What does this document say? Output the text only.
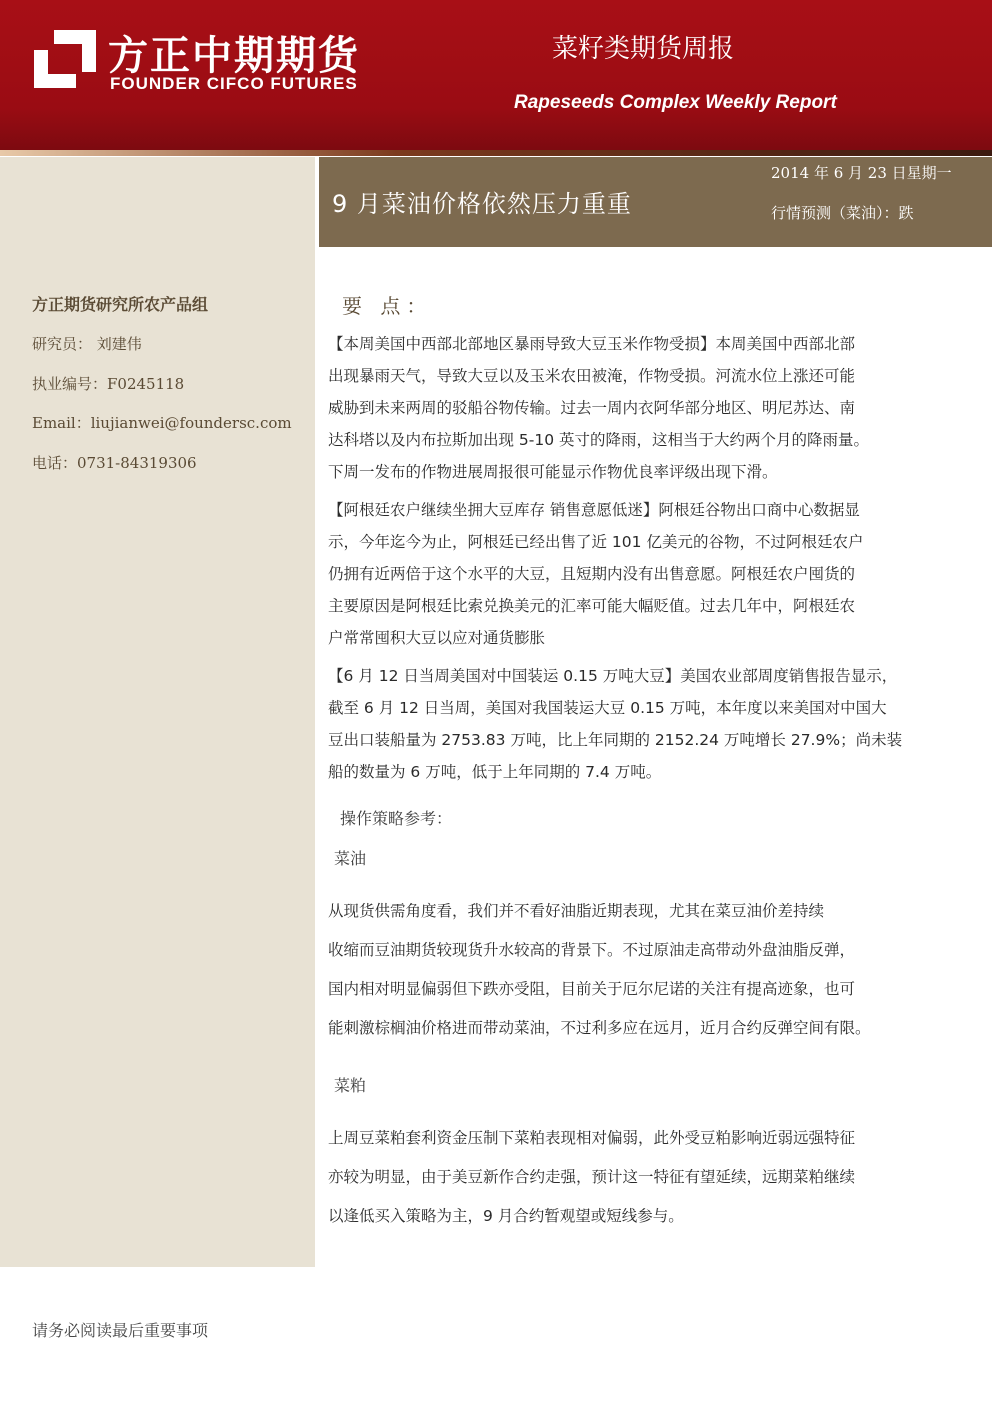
方正中期期货
FOUNDER CIFCO FUTURES
菜籽类期货周报
Rapeseeds Complex Weekly Report
方正期货研究所农产品组
研究员： 刘建伟
执业编号：F0245118
Email：liujianwei@foundersc.com
电话：0731-84319306
9 月菜油价格依然压力重重
2014 年 6 月 23 日星期一
行情预测（菜油）：跌
要 点：
【本周美国中西部北部地区暴雨导致大豆玉米作物受损】本周美国中西部北部
出现暴雨天气，导致大豆以及玉米农田被淹，作物受损。河流水位上涨还可能
威胁到未来两周的驳船谷物传输。过去一周内衣阿华部分地区、明尼苏达、南
达科塔以及内布拉斯加出现 5-10 英寸的降雨，这相当于大约两个月的降雨量。
下周一发布的作物进展周报很可能显示作物优良率评级出现下滑。
【阿根廷农户继续坐拥大豆库存 销售意愿低迷】阿根廷谷物出口商中心数据显
示，今年迄今为止，阿根廷已经出售了近 101 亿美元的谷物，不过阿根廷农户
仍拥有近两倍于这个水平的大豆，且短期内没有出售意愿。阿根廷农户囤货的
主要原因是阿根廷比索兑换美元的汇率可能大幅贬值。过去几年中，阿根廷农
户常常囤积大豆以应对通货膨胀
【6 月 12 日当周美国对中国装运 0.15 万吨大豆】美国农业部周度销售报告显示，
截至 6 月 12 日当周，美国对我国装运大豆 0.15 万吨，本年度以来美国对中国大
豆出口装船量为 2753.83 万吨，比上年同期的 2152.24 万吨增长 27.9%；尚未装
船的数量为 6 万吨，低于上年同期的 7.4 万吨。
操作策略参考：
菜油
从现货供需角度看，我们并不看好油脂近期表现，尤其在菜豆油价差持续
收缩而豆油期货较现货升水较高的背景下。不过原油走高带动外盘油脂反弹，
国内相对明显偏弱但下跌亦受阻，目前关于厄尔尼诺的关注有提高迹象，也可
能刺激棕榈油价格进而带动菜油，不过利多应在远月，近月合约反弹空间有限。
菜粕
上周豆菜粕套利资金压制下菜粕表现相对偏弱，此外受豆粕影响近弱远强特征
亦较为明显，由于美豆新作合约走强，预计这一特征有望延续，远期菜粕继续
以逢低买入策略为主，9 月合约暂观望或短线参与。
请务必阅读最后重要事项
